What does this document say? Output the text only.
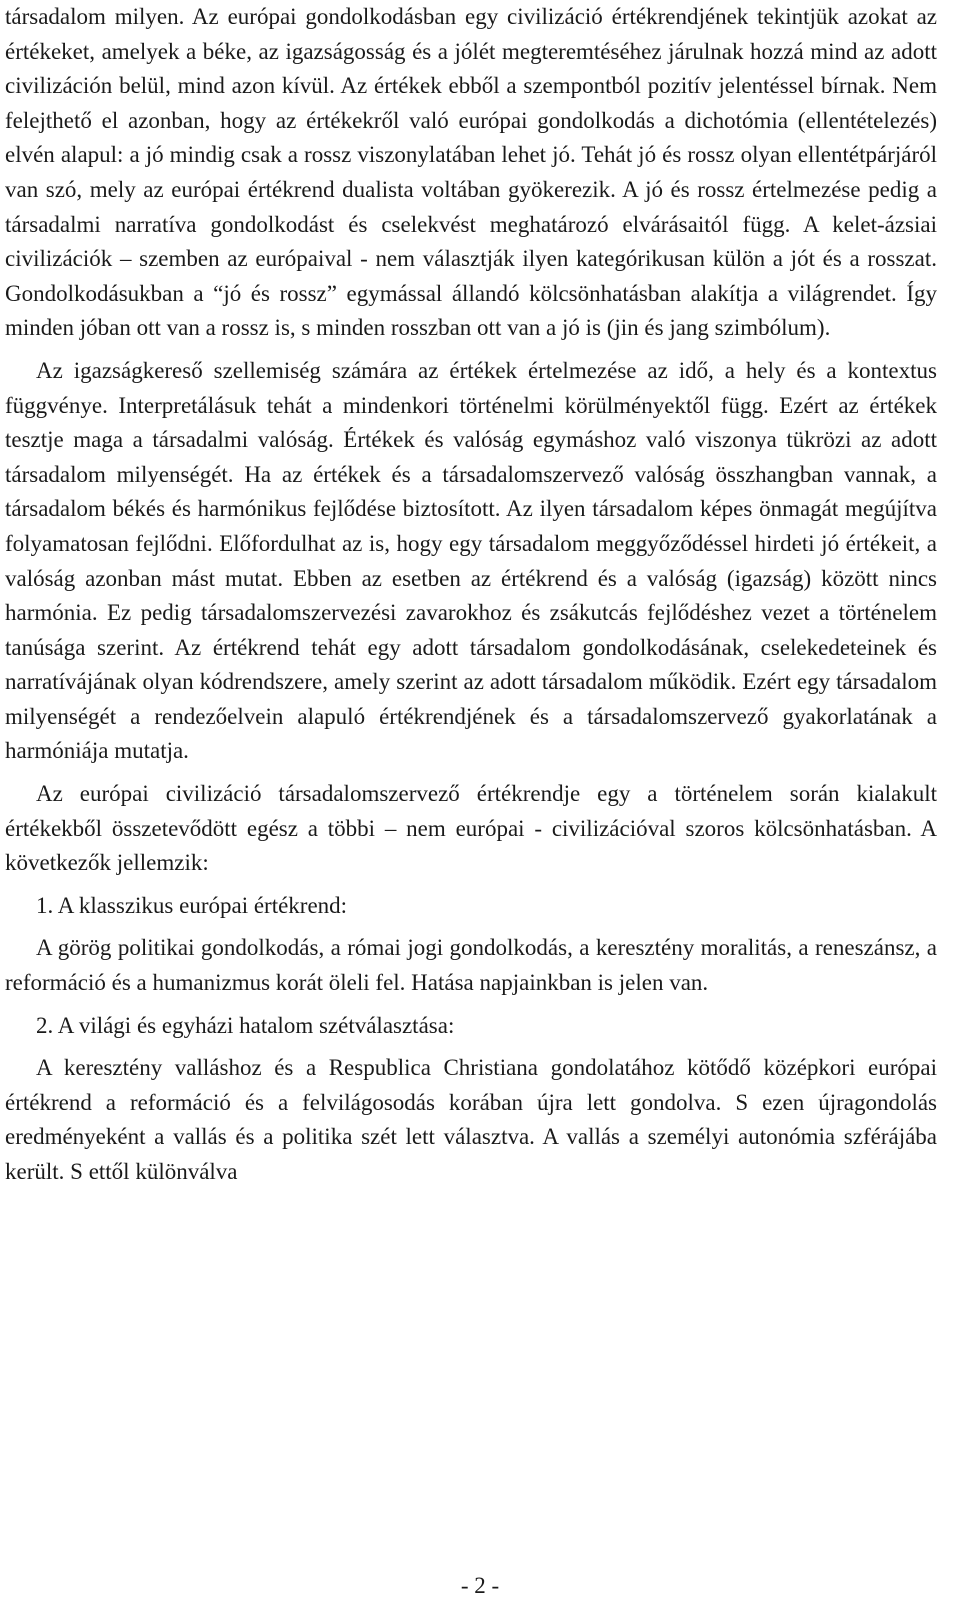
társadalom milyen. Az európai gondolkodásban egy civilizáció értékrendjének tekintjük azokat az értékeket, amelyek a béke, az igazságosság és a jólét megteremtéséhez járulnak hozzá mind az adott civilizáción belül, mind azon kívül. Az értékek ebből a szempontból pozitív jelentéssel bírnak. Nem felejthető el azonban, hogy az értékekről való európai gondolkodás a dichotómia (ellentételezés) elvén alapul: a jó mindig csak a rossz viszonylatában lehet jó. Tehát jó és rossz olyan ellentétpárjáról van szó, mely az európai értékrend dualista voltában gyökerezik. A jó és rossz értelmezése pedig a társadalmi narratíva gondolkodást és cselekvést meghatározó elvárásaitól függ. A kelet-ázsiai civilizációk – szemben az európaival - nem választják ilyen kategórikusan külön a jót és a rosszat. Gondolkodásukban a “jó és rossz” egymással állandó kölcsönhatásban alakítja a világrendet. Így minden jóban ott van a rossz is, s minden rosszban ott van a jó is (jin és jang szimbólum).

Az igazságkereső szellemiség számára az értékek értelmezése az idő, a hely és a kontextus függvénye. Interpretálásuk tehát a mindenkori történelmi körülményektől függ. Ezért az értékek tesztje maga a társadalmi valóság. Értékek és valóság egymáshoz való viszonya tükrözi az adott társadalom milyenségét. Ha az értékek és a társadalomszervező valóság összhangban vannak, a társadalom békés és harmónikus fejlődése biztosított. Az ilyen társadalom képes önmagát megújítva folyamatosan fejlődni. Előfordulhat az is, hogy egy társadalom meggyőződéssel hirdeti jó értékeit, a valóság azonban mást mutat. Ebben az esetben az értékrend és a valóság (igazság) között nincs harmónia. Ez pedig társadalomszervezési zavarokhoz és zsákutcás fejlődéshez vezet a történelem tanúsága szerint. Az értékrend tehát egy adott társadalom gondolkodásának, cselekedeteinek és narratívájának olyan kódrendszere, amely szerint az adott társadalom működik. Ezért egy társadalom milyenségét a rendezőelvein alapuló értékrendjének és a társadalomszervező gyakorlatának a harmóniája mutatja.

Az európai civilizáció társadalomszervező értékrendje egy a történelem során kialakult értékekből összetevődött egész a többi – nem európai - civilizációval szoros kölcsönhatásban. A következők jellemzik:

1. A klasszikus európai értékrend:

A görög politikai gondolkodás, a római jogi gondolkodás, a keresztény moralitás, a reneszánsz, a reformáció és a humanizmus korát öleli fel. Hatása napjainkban is jelen van.

2. A világi és egyházi hatalom szétválasztása:

A keresztény valláshoz és a Respublica Christiana gondolatához kötődő középkori európai értékrend a reformáció és a felvilágosodás korában újra lett gondolva. S ezen újragondolás eredményeként a vallás és a politika szét lett választva. A vallás a személyi autonómia szférájába került. S ettől különválva

- 2 -
